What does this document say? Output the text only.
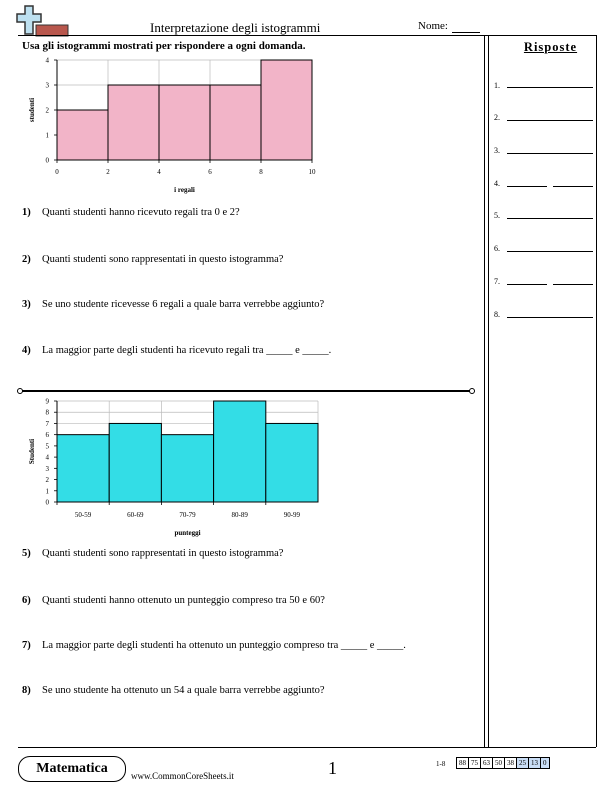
Interpretazione degli istogrammi	Nome:
Usa gli istogrammi mostrati per rispondere a ogni domanda.
0
1
2
3
4
0	2	4	6	8	10
i regali
studenti
1) Quanti studenti hanno ricevuto regali tra 0 e 2?
2) Quanti studenti sono rappresentati in questo istogramma?
3) Se uno studente ricevesse 6 regali a quale barra verrebbe aggiunto?
4) La maggior parte degli studenti ha ricevuto regali tra _____ e _____.
0
1
2
3
4
5
6
7
8
9
50-59	60-69	70-79	80-89	90-99
punteggi
Studenti
5) Quanti studenti sono rappresentati in questo istogramma?
6) Quanti studenti hanno ottenuto un punteggio compreso tra 50 e 60?
7) La maggior parte degli studenti ha ottenuto un punteggio compreso tra _____ e _____.
8) Se uno studente ha ottenuto un 54 a quale barra verrebbe aggiunto?
Risposte
1.
2.
3.
4.
5.
6.
7.
8.
Matematica	www.CommonCoreSheets.it	1	1-8 88	75	63	50	38	25	13	0
